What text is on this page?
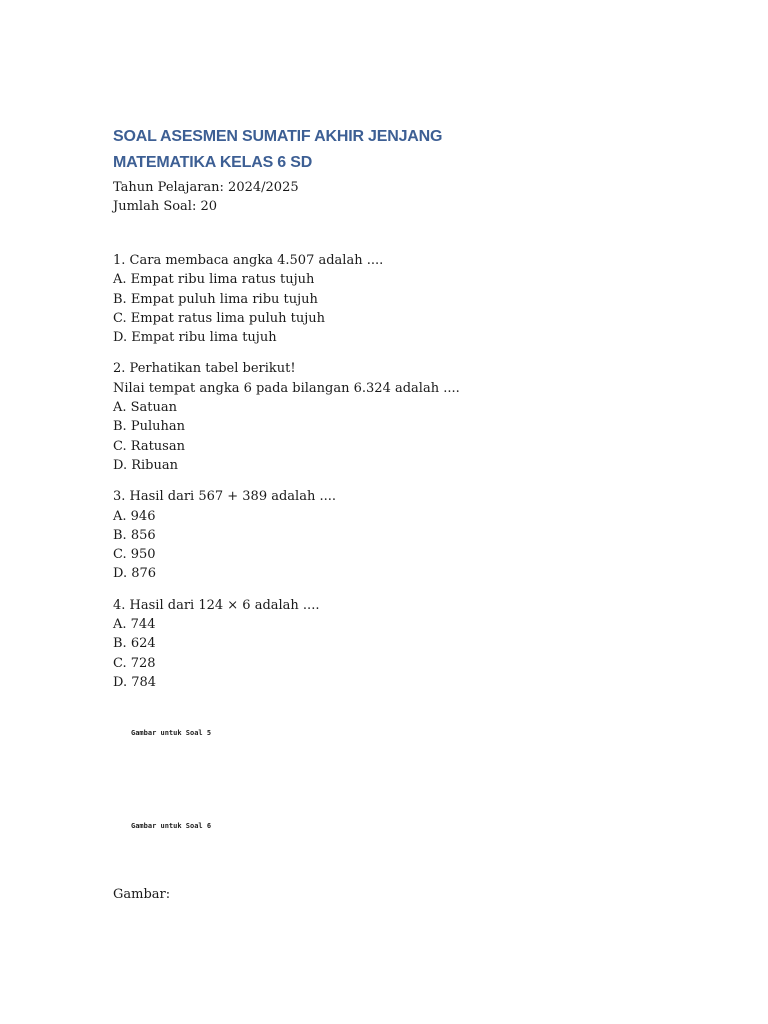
SOAL ASESMEN SUMATIF AKHIR JENJANG
MATEMATIKA KELAS 6 SD
Tahun Pelajaran: 2024/2025
Jumlah Soal: 20
1. Cara membaca angka 4.507 adalah ....
A. Empat ribu lima ratus tujuh
B. Empat puluh lima ribu tujuh
C. Empat ratus lima puluh tujuh
D. Empat ribu lima tujuh
2. Perhatikan tabel berikut!
Nilai tempat angka 6 pada bilangan 6.324 adalah ....
A. Satuan
B. Puluhan
C. Ratusan
D. Ribuan
3. Hasil dari 567 + 389 adalah ....
A. 946
B. 856
C. 950
D. 876
4. Hasil dari 124 × 6 adalah ....
A. 744
B. 624
C. 728
D. 784
Gambar untuk Soal 5
Gambar untuk Soal 6
Gambar:
